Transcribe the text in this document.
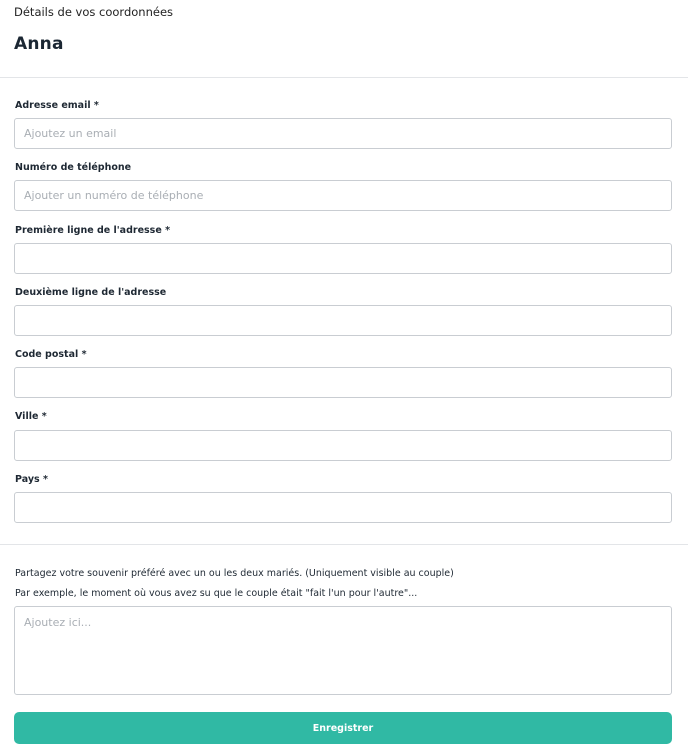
Détails de vos coordonnées
Anna
Adresse email *
Ajoutez un email
Numéro de téléphone
Ajouter un numéro de téléphone
Première ligne de l'adresse *
Deuxième ligne de l'adresse
Code postal *
Ville *
Pays *
Partagez votre souvenir préféré avec un ou les deux mariés. (Uniquement visible au couple)
Par exemple, le moment où vous avez su que le couple était "fait l'un pour l'autre"...
Ajoutez ici...
Enregistrer
